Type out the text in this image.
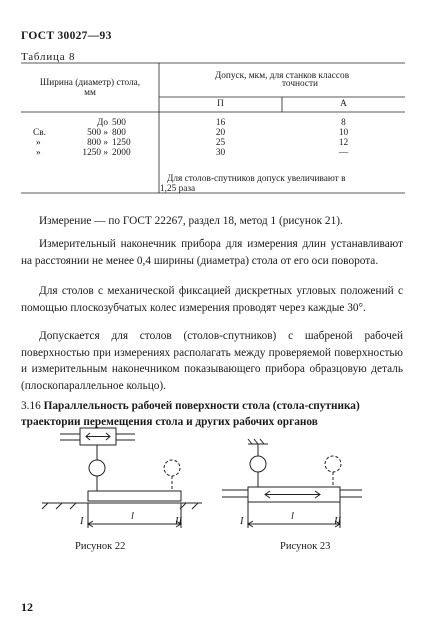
ГОСТ 30027—93
Таблица 8
Ширина (диаметр) стола,
мм
Допуск, мкм, для станков классов
точности
П	А
До 500	16	8
Св.	500 » 800	20	10
»	800 » 1250	25	12
»	1250 » 2000	30	—
Для столов-спутников допуск увеличивают в
1,25 раза
Измерение — по ГОСТ 22267, раздел 18, метод 1 (рисунок 21).
Измерительный наконечник прибора для измерения длин устанавливают на расстоянии не менее 0,4 ширины (диаметра) стола от его оси поворота.
Для столов с механической фиксацией дискретных угловых положений с помощью плоскозубчатых колес измерения проводят через каждые 30°.
Допускается для столов (столов-спутников) с шабреной рабочей поверхностью при измерениях располагать между проверяемой поверхностью и измерительным наконечником показывающего прибора образцовую деталь (плоскопараллельное кольцо).
3.16 Параллельность рабочей поверхности стола (стола-спутника) траектории перемещения стола и других рабочих органов
I	l	II
Рисунок 22
I	l	II
Рисунок 23
12
